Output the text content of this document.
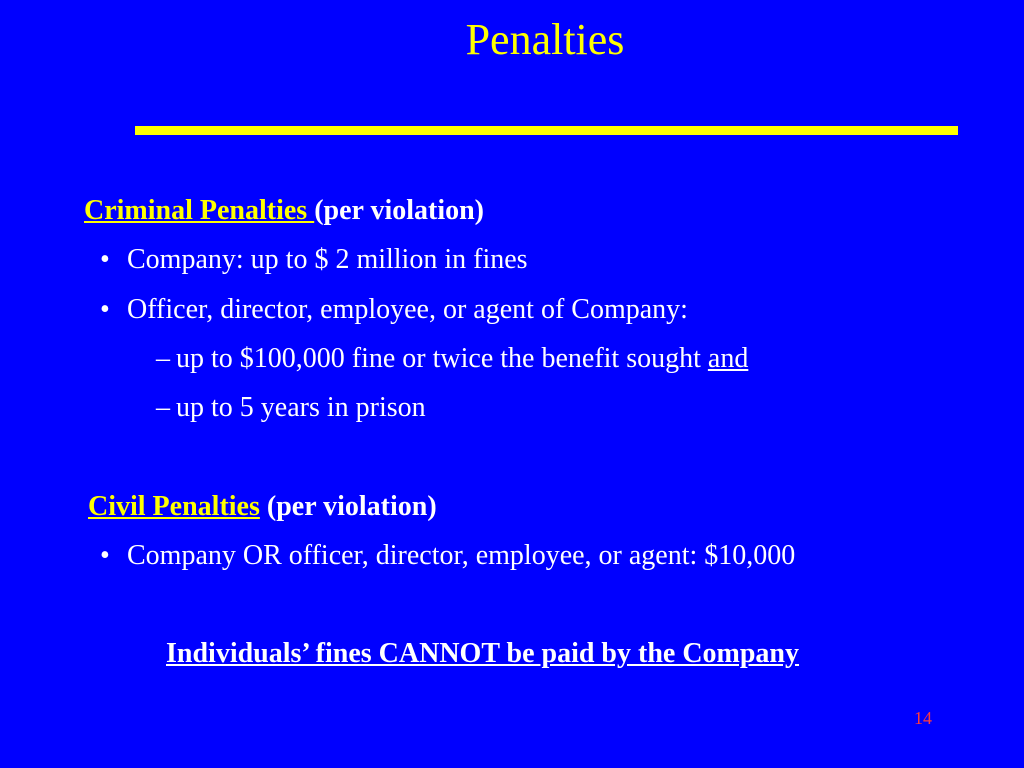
Penalties
Criminal Penalties (per violation)
• Company: up to $ 2 million in fines
• Officer, director, employee, or agent of Company:
– up to $100,000 fine or twice the benefit sought and
– up to 5 years in prison
Civil Penalties (per violation)
• Company OR officer, director, employee, or agent: $10,000
Individuals’ fines CANNOT be paid by the Company
14
